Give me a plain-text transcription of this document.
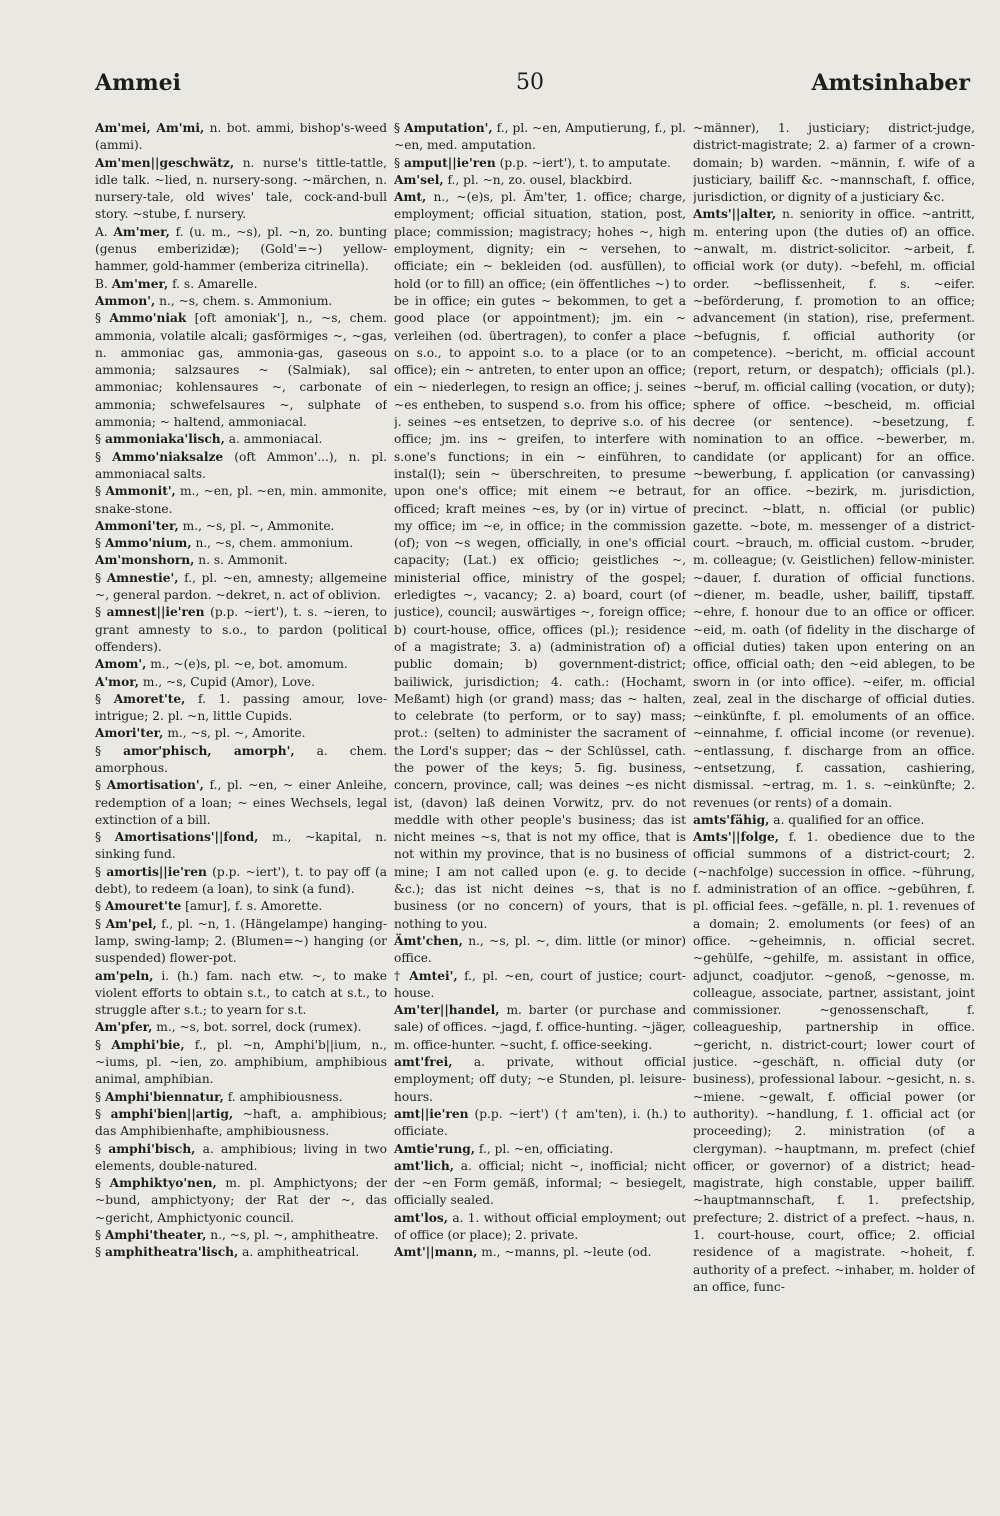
Ammei	50	Amtsinhaber

Am'mei, Am'mi, n. bot. ammi, bishop's-weed (ammi).

Am'men||geschwätz, n. nurse's tittle-tattle, idle talk. ~lied, n. nursery-song. ~märchen, n. nursery-tale, old wives' tale, cock-and-bull story. ~stube, f. nursery.

A. Am'mer, f. (u. m., ~s), pl. ~n, zo. bunting (genus emberizidæ); (Gold'=~) yellow-hammer, gold-hammer (emberiza citrinella).

B. Am'mer, f. s. Amarelle.

Ammon', n., ~s, chem. s. Ammonium.

§ Ammo'niak [oft amoniak'], n., ~s, chem. ammonia, volatile alcali; gasförmiges ~, ~gas, n. ammoniac gas, ammonia-gas, gaseous ammonia; salzsaures ~ (Salmiak), sal ammoniac; kohlensaures ~, carbonate of ammonia; schwefelsaures ~, sulphate of ammonia; ~ haltend, ammoniacal.

§ ammoniaka'lisch, a. ammoniacal.

§ Ammo'niaksalze (oft Ammon'...), n. pl. ammoniacal salts.

§ Ammonit', m., ~en, pl. ~en, min. ammonite, snake-stone.

Ammoni'ter, m., ~s, pl. ~, Ammonite.

§ Ammo'nium, n., ~s, chem. ammonium.

Am'monshorn, n. s. Ammonit.

§ Amnestie', f., pl. ~en, amnesty; allgemeine ~, general pardon. ~dekret, n. act of oblivion.

§ amnest||ie'ren (p.p. ~iert'), t. s. ~ieren, to grant amnesty to s.o., to pardon (political offenders).

Amom', m., ~(e)s, pl. ~e, bot. amomum.

A'mor, m., ~s, Cupid (Amor), Love.

§ Amoret'te, f. 1. passing amour, love-intrigue; 2. pl. ~n, little Cupids.

Amori'ter, m., ~s, pl. ~, Amorite.

§ amor'phisch, amorph', a. chem. amorphous.

§ Amortisation', f., pl. ~en, ~ einer Anleihe, redemption of a loan; ~ eines Wechsels, legal extinction of a bill.

§ Amortisations'||fond, m., ~kapital, n. sinking fund.

§ amortis||ie'ren (p.p. ~iert'), t. to pay off (a debt), to redeem (a loan), to sink (a fund).

§ Amouret'te [amur], f. s. Amorette.

§ Am'pel, f., pl. ~n, 1. (Hängelampe) hanging-lamp, swing-lamp; 2. (Blumen=~) hanging (or suspended) flower-pot.

am'peln, i. (h.) fam. nach etw. ~, to make violent efforts to obtain s.t., to catch at s.t., to struggle after s.t.; to yearn for s.t.

Am'pfer, m., ~s, bot. sorrel, dock (rumex).

§ Amphi'bie, f., pl. ~n, Amphi'b||ium, n., ~iums, pl. ~ien, zo. amphibium, amphibious animal, amphibian.

§ Amphi'biennatur, f. amphibiousness.

§ amphi'bien||artig, ~haft, a. amphibious; das Amphibienhafte, amphibiousness.

§ amphi'bisch, a. amphibious; living in two elements, double-natured.

§ Amphiktyo'nen, m. pl. Amphictyons; der ~bund, amphictyony; der Rat der ~, das ~gericht, Amphictyonic council.

§ Amphi'theater, n., ~s, pl. ~, amphitheatre.

§ amphitheatra'lisch, a. amphitheatrical.

§ Amputation', f., pl. ~en, Amputierung, f., pl. ~en, med. amputation.

§ amput||ie'ren (p.p. ~iert'), t. to amputate.

Am'sel, f., pl. ~n, zo. ousel, blackbird.

Amt, n., ~(e)s, pl. Äm'ter, 1. office; charge, employment; official situation, station, post, place; commission; magistracy; hohes ~, high employment, dignity; ein ~ versehen, to officiate; ein ~ bekleiden (od. ausfüllen), to hold (or to fill) an office; (ein öffentliches ~) to be in office; ein gutes ~ bekommen, to get a good place (or appointment); jm. ein ~ verleihen (od. übertragen), to confer a place on s.o., to appoint s.o. to a place (or to an office); ein ~ antreten, to enter upon an office; ein ~ niederlegen, to resign an office; j. seines ~es entheben, to suspend s.o. from his office; j. seines ~es entsetzen, to deprive s.o. of his office; jm. ins ~ greifen, to interfere with s.one's functions; in ein ~ einführen, to instal(l); sein ~ überschreiten, to presume upon one's office; mit einem ~e betraut, officed; kraft meines ~es, by (or in) virtue of my office; im ~e, in office; in the commission (of); von ~s wegen, officially, in one's official capacity; (Lat.) ex officio; geistliches ~, ministerial office, ministry of the gospel; erledigtes ~, vacancy; 2. a) board, court (of justice), council; auswärtiges ~, foreign office; b) court-house, office, offices (pl.); residence of a magistrate; 3. a) (administration of) a public domain; b) government-district; bailiwick, jurisdiction; 4. cath.: (Hochamt, Meßamt) high (or grand) mass; das ~ halten, to celebrate (to perform, or to say) mass; prot.: (selten) to administer the sacrament of the Lord's supper; das ~ der Schlüssel, cath. the power of the keys; 5. fig. business, concern, province, call; was deines ~es nicht ist, (davon) laß deinen Vorwitz, prv. do not meddle with other people's business; das ist nicht meines ~s, that is not my office, that is not within my province, that is no business of mine; I am not called upon (e. g. to decide &c.); das ist nicht deines ~s, that is no business (or no concern) of yours, that is nothing to you.

Ämt'chen, n., ~s, pl. ~, dim. little (or minor) office.

† Amtei', f., pl. ~en, court of justice; court-house.

Am'ter||handel, m. barter (or purchase and sale) of offices. ~jagd, f. office-hunting. ~jäger, m. office-hunter. ~sucht, f. office-seeking.

amt'frei, a. private, without official employment; off duty; ~e Stunden, pl. leisure-hours.

amt||ie'ren (p.p. ~iert') († am'ten), i. (h.) to officiate.

Amtie'rung, f., pl. ~en, officiating.

amt'lich, a. official; nicht ~, inofficial; nicht der ~en Form gemäß, informal; ~ besiegelt, officially sealed.

amt'los, a. 1. without official employment; out of office (or place); 2. private.

Amt'||mann, m., ~manns, pl. ~leute (od.

~männer), 1. justiciary; district-judge, district-magistrate; 2. a) farmer of a crown-domain; b) warden. ~männin, f. wife of a justiciary, bailiff &c. ~mannschaft, f. office, jurisdiction, or dignity of a justiciary &c.

Amts'||alter, n. seniority in office. ~antritt, m. entering upon (the duties of) an office. ~anwalt, m. district-solicitor. ~arbeit, f. official work (or duty). ~befehl, m. official order. ~beflissenheit, f. s. ~eifer. ~beförderung, f. promotion to an office; advancement (in station), rise, preferment. ~befugnis, f. official authority (or competence). ~bericht, m. official account (report, return, or despatch); officials (pl.). ~beruf, m. official calling (vocation, or duty); sphere of office. ~bescheid, m. official decree (or sentence). ~besetzung, f. nomination to an office. ~bewerber, m. candidate (or applicant) for an office. ~bewerbung, f. application (or canvassing) for an office. ~bezirk, m. jurisdiction, precinct. ~blatt, n. official (or public) gazette. ~bote, m. messenger of a district-court. ~brauch, m. official custom. ~bruder, m. colleague; (v. Geistlichen) fellow-minister. ~dauer, f. duration of official functions. ~diener, m. beadle, usher, bailiff, tipstaff. ~ehre, f. honour due to an office or officer. ~eid, m. oath (of fidelity in the discharge of official duties) taken upon entering on an office, official oath; den ~eid ablegen, to be sworn in (or into office). ~eifer, m. official zeal, zeal in the discharge of official duties. ~einkünfte, f. pl. emoluments of an office. ~einnahme, f. official income (or revenue). ~entlassung, f. discharge from an office. ~entsetzung, f. cassation, cashiering, dismissal. ~ertrag, m. 1. s. ~einkünfte; 2. revenues (or rents) of a domain.

amts'fähig, a. qualified for an office.

Amts'||folge, f. 1. obedience due to the official summons of a district-court; 2. (~nachfolge) succession in office. ~führung, f. administration of an office. ~gebühren, f. pl. official fees. ~gefälle, n. pl. 1. revenues of a domain; 2. emoluments (or fees) of an office. ~geheimnis, n. official secret. ~gehülfe, ~gehilfe, m. assistant in office, adjunct, coadjutor. ~genoß, ~genosse, m. colleague, associate, partner, assistant, joint commissioner. ~genossenschaft, f. colleagueship, partnership in office. ~gericht, n. district-court; lower court of justice. ~geschäft, n. official duty (or business), professional labour. ~gesicht, n. s. ~miene. ~gewalt, f. official power (or authority). ~handlung, f. 1. official act (or proceeding); 2. ministration (of a clergyman). ~hauptmann, m. prefect (chief officer, or governor) of a district; head-magistrate, high constable, upper bailiff. ~hauptmannschaft, f. 1. prefectship, prefecture; 2. district of a prefect. ~haus, n. 1. court-house, court, office; 2. official residence of a magistrate. ~hoheit, f. authority of a prefect. ~inhaber, m. holder of an office, func-
